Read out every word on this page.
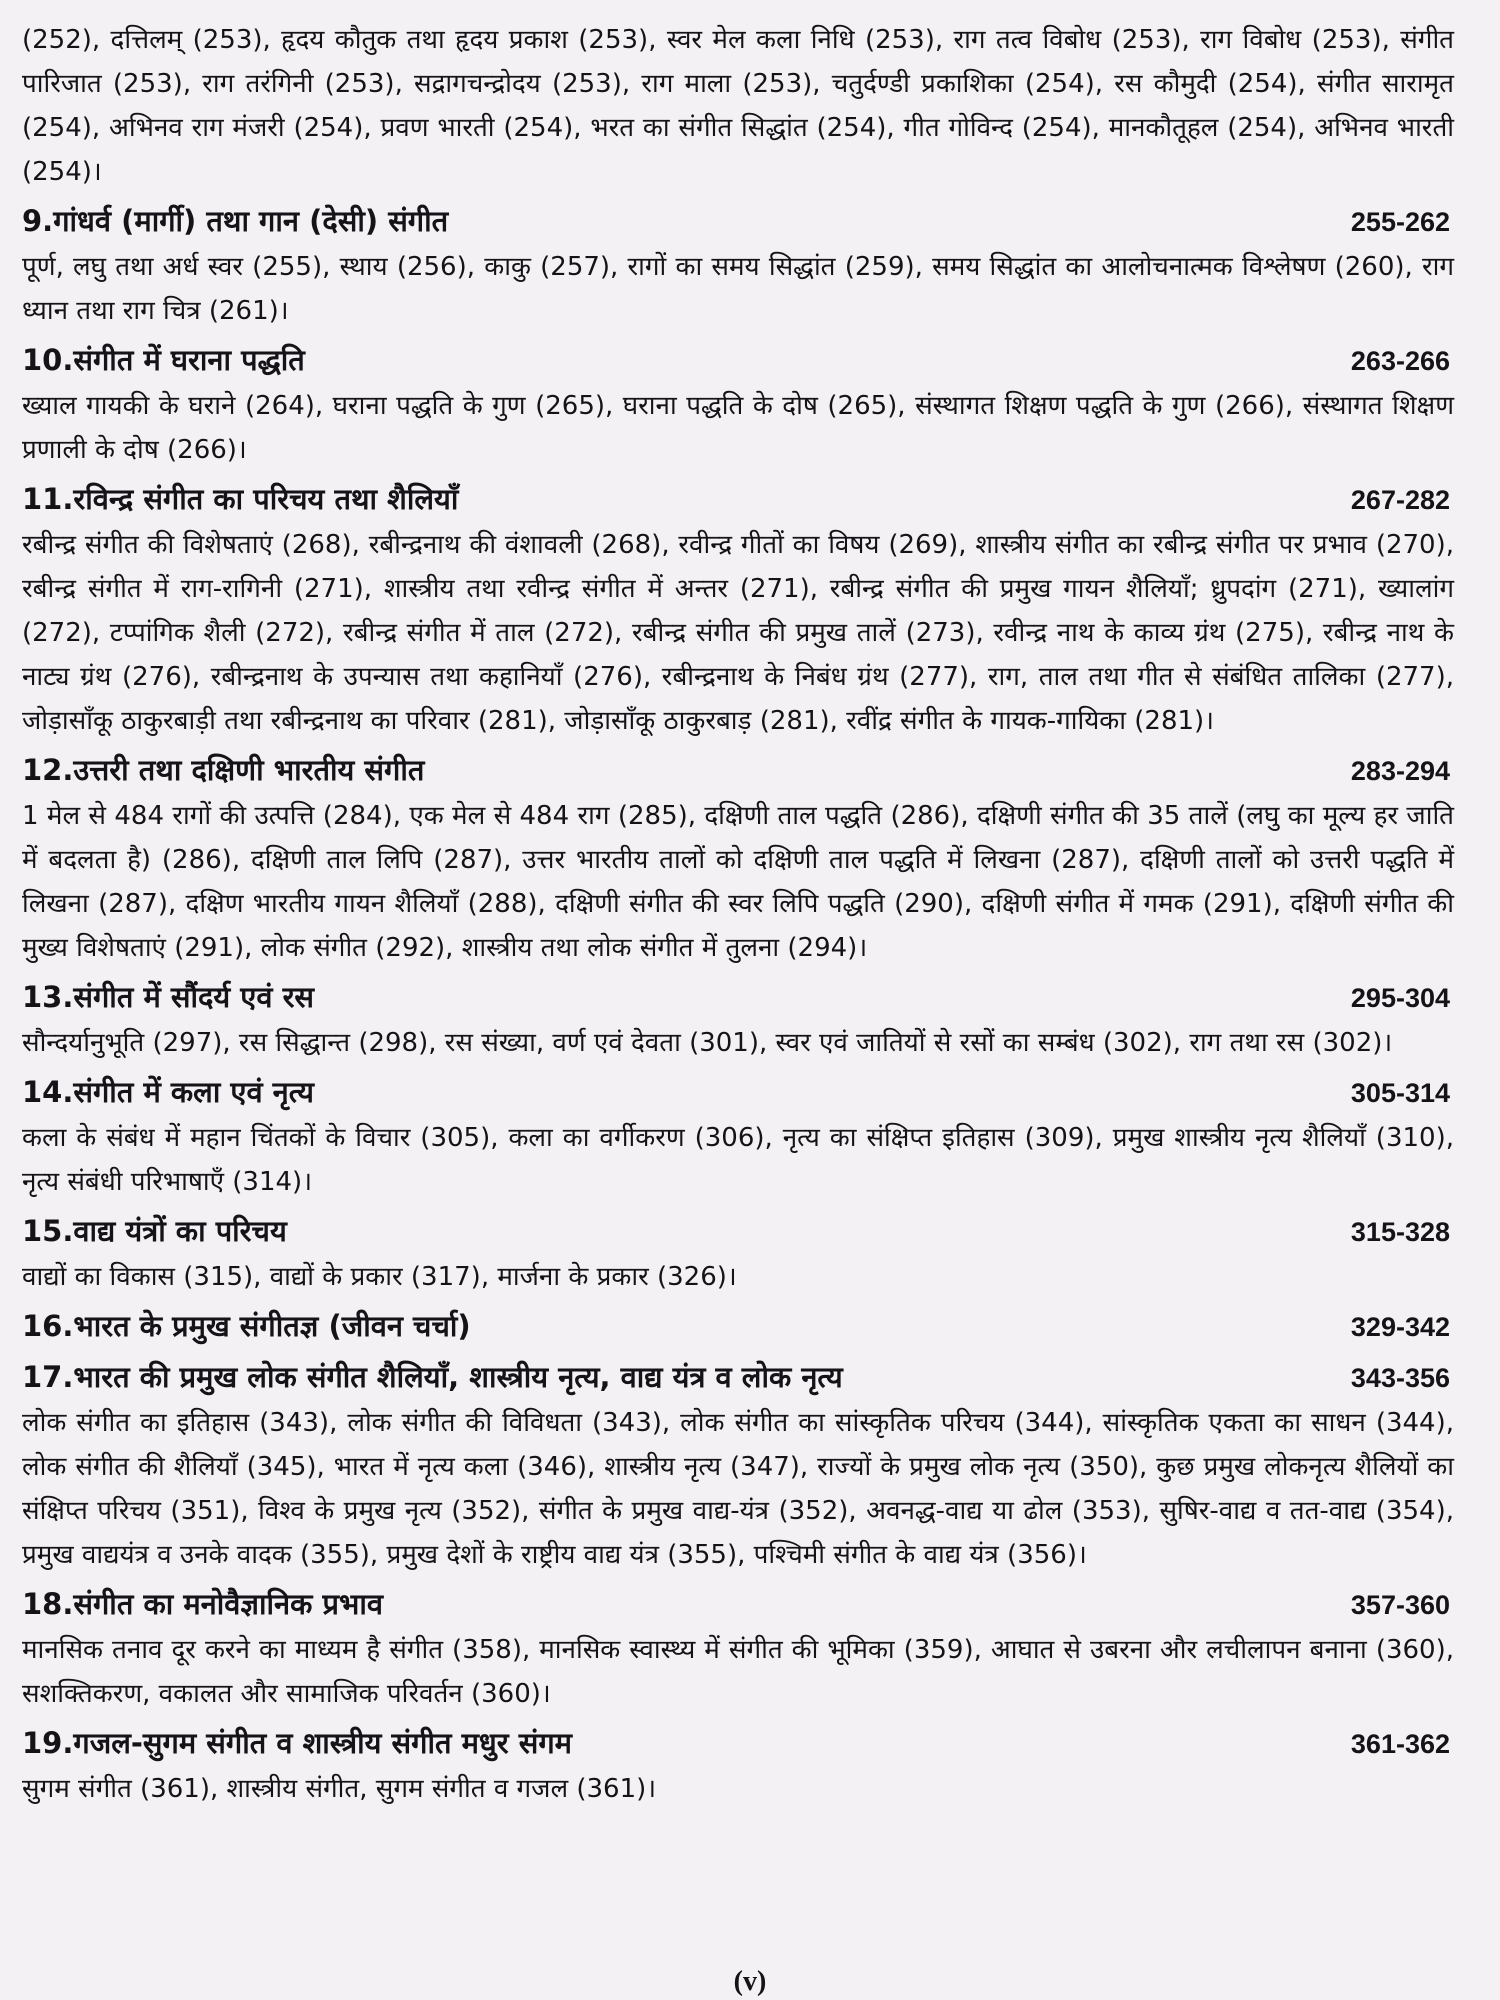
(252), दत्तिलम् (253), हृदय कौतुक तथा हृदय प्रकाश (253), स्वर मेल कला निधि (253), राग तत्व विबोध (253), राग विबोध (253), संगीत पारिजात (253), राग तरंगिनी (253), सद्रागचन्द्रोदय (253), राग माला (253), चतुर्दण्डी प्रकाशिका (254), रस कौमुदी (254), संगीत सारामृत (254), अभिनव राग मंजरी (254), प्रवण भारती (254), भरत का संगीत सिद्धांत (254), गीत गोविन्द (254), मानकौतूहल (254), अभिनव भारती (254)।
9. गांधर्व (मार्गी) तथा गान (देसी) संगीत	255-262
पूर्ण, लघु तथा अर्ध स्वर (255), स्थाय (256), काकु (257), रागों का समय सिद्धांत (259), समय सिद्धांत का आलोचनात्मक विश्लेषण (260), राग ध्यान तथा राग चित्र (261)।
10. संगीत में घराना पद्धति	263-266
ख्याल गायकी के घराने (264), घराना पद्धति के गुण (265), घराना पद्धति के दोष (265), संस्थागत शिक्षण पद्धति के गुण (266), संस्थागत शिक्षण प्रणाली के दोष (266)।
11. रविन्द्र संगीत का परिचय तथा शैलियाँ	267-282
रबीन्द्र संगीत की विशेषताएं (268), रबीन्द्रनाथ की वंशावली (268), रवीन्द्र गीतों का विषय (269), शास्त्रीय संगीत का रबीन्द्र संगीत पर प्रभाव (270), रबीन्द्र संगीत में राग-रागिनी (271), शास्त्रीय तथा रवीन्द्र संगीत में अन्तर (271), रबीन्द्र संगीत की प्रमुख गायन शैलियाँ; ध्रुपदांग (271), ख्यालांग (272), टप्पांगिक शैली (272), रबीन्द्र संगीत में ताल (272), रबीन्द्र संगीत की प्रमुख तालें (273), रवीन्द्र नाथ के काव्य ग्रंथ (275), रबीन्द्र नाथ के नाट्य ग्रंथ (276), रबीन्द्रनाथ के उपन्यास तथा कहानियाँ (276), रबीन्द्रनाथ के निबंध ग्रंथ (277), राग, ताल तथा गीत से संबंधित तालिका (277), जोड़ासाँकू ठाकुरबाड़ी तथा रबीन्द्रनाथ का परिवार (281), जोड़ासाँकू ठाकुरबाड़ (281), रवींद्र संगीत के गायक-गायिका (281)।
12. उत्तरी तथा दक्षिणी भारतीय संगीत	283-294
1 मेल से 484 रागों की उत्पत्ति (284), एक मेल से 484 राग (285), दक्षिणी ताल पद्धति (286), दक्षिणी संगीत की 35 तालें (लघु का मूल्य हर जाति में बदलता है) (286), दक्षिणी ताल लिपि (287), उत्तर भारतीय तालों को दक्षिणी ताल पद्धति में लिखना (287), दक्षिणी तालों को उत्तरी पद्धति में लिखना (287), दक्षिण भारतीय गायन शैलियाँ (288), दक्षिणी संगीत की स्वर लिपि पद्धति (290), दक्षिणी संगीत में गमक (291), दक्षिणी संगीत की मुख्य विशेषताएं (291), लोक संगीत (292), शास्त्रीय तथा लोक संगीत में तुलना (294)।
13. संगीत में सौंदर्य एवं रस	295-304
सौन्दर्यानुभूति (297), रस सिद्धान्त (298), रस संख्या, वर्ण एवं देवता (301), स्वर एवं जातियों से रसों का सम्बंध (302), राग तथा रस (302)।
14. संगीत में कला एवं नृत्य	305-314
कला के संबंध में महान चिंतकों के विचार (305), कला का वर्गीकरण (306), नृत्य का संक्षिप्त इतिहास (309), प्रमुख शास्त्रीय नृत्य शैलियाँ (310), नृत्य संबंधी परिभाषाएँ (314)।
15. वाद्य यंत्रों का परिचय	315-328
वाद्यों का विकास (315), वाद्यों के प्रकार (317), मार्जना के प्रकार (326)।
16. भारत के प्रमुख संगीतज्ञ (जीवन चर्चा)	329-342
17. भारत की प्रमुख लोक संगीत शैलियाँ, शास्त्रीय नृत्य, वाद्य यंत्र व लोक नृत्य	343-356
लोक संगीत का इतिहास (343), लोक संगीत की विविधता (343), लोक संगीत का सांस्कृतिक परिचय (344), सांस्कृतिक एकता का साधन (344), लोक संगीत की शैलियाँ (345), भारत में नृत्य कला (346), शास्त्रीय नृत्य (347), राज्यों के प्रमुख लोक नृत्य (350), कुछ प्रमुख लोकनृत्य शैलियों का संक्षिप्त परिचय (351), विश्व के प्रमुख नृत्य (352), संगीत के प्रमुख वाद्य-यंत्र (352), अवनद्ध-वाद्य या ढोल (353), सुषिर-वाद्य व तत-वाद्य (354), प्रमुख वाद्ययंत्र व उनके वादक (355), प्रमुख देशों के राष्ट्रीय वाद्य यंत्र (355), पश्चिमी संगीत के वाद्य यंत्र (356)।
18. संगीत का मनोवैज्ञानिक प्रभाव	357-360
मानसिक तनाव दूर करने का माध्यम है संगीत (358), मानसिक स्वास्थ्य में संगीत की भूमिका (359), आघात से उबरना और लचीलापन बनाना (360), सशक्तिकरण, वकालत और सामाजिक परिवर्तन (360)।
19. गजल-सुगम संगीत व शास्त्रीय संगीत मधुर संगम	361-362
सुगम संगीत (361), शास्त्रीय संगीत, सुगम संगीत व गजल (361)।
(v)
